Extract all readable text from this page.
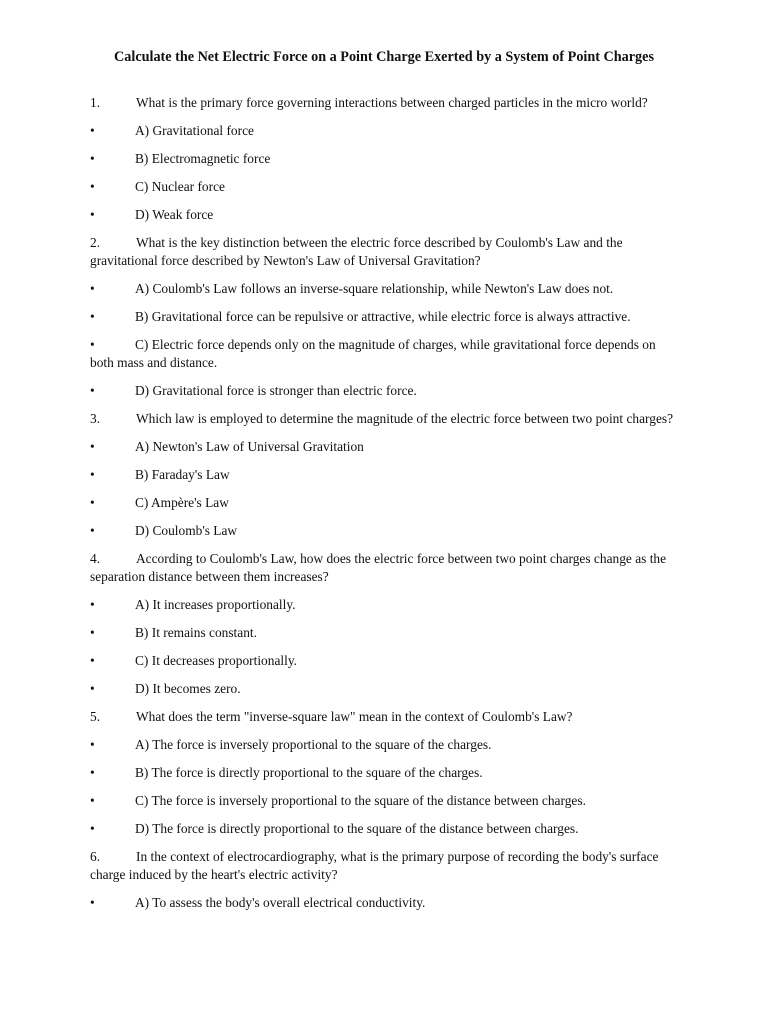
Calculate the Net Electric Force on a Point Charge Exerted by a System of Point Charges
1.	What is the primary force governing interactions between charged particles in the micro world?
•	A) Gravitational force
•	B) Electromagnetic force
•	C) Nuclear force
•	D) Weak force
2.	What is the key distinction between the electric force described by Coulomb's Law and the gravitational force described by Newton's Law of Universal Gravitation?
•	A) Coulomb's Law follows an inverse-square relationship, while Newton's Law does not.
•	B) Gravitational force can be repulsive or attractive, while electric force is always attractive.
•	C) Electric force depends only on the magnitude of charges, while gravitational force depends on both mass and distance.
•	D) Gravitational force is stronger than electric force.
3.	Which law is employed to determine the magnitude of the electric force between two point charges?
•	A) Newton's Law of Universal Gravitation
•	B) Faraday's Law
•	C) Ampère's Law
•	D) Coulomb's Law
4.	According to Coulomb's Law, how does the electric force between two point charges change as the separation distance between them increases?
•	A) It increases proportionally.
•	B) It remains constant.
•	C) It decreases proportionally.
•	D) It becomes zero.
5.	What does the term "inverse-square law" mean in the context of Coulomb's Law?
•	A) The force is inversely proportional to the square of the charges.
•	B) The force is directly proportional to the square of the charges.
•	C) The force is inversely proportional to the square of the distance between charges.
•	D) The force is directly proportional to the square of the distance between charges.
6.	In the context of electrocardiography, what is the primary purpose of recording the body's surface charge induced by the heart's electric activity?
•	A) To assess the body's overall electrical conductivity.
